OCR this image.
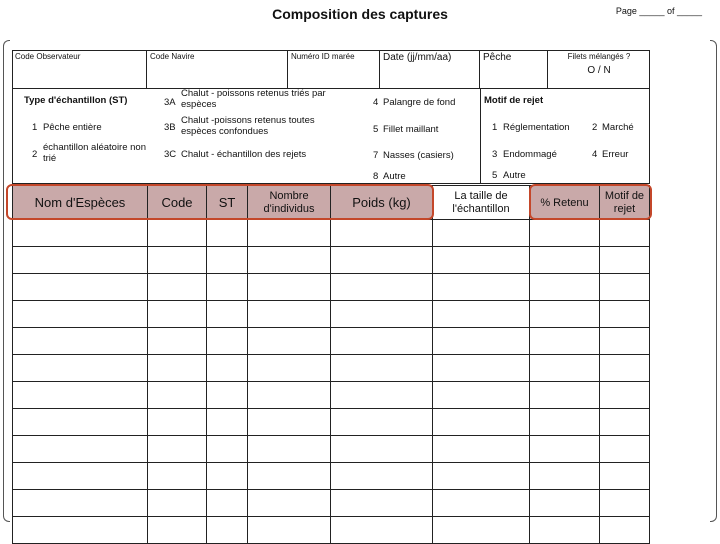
Composition des captures	Page _____ of _____
Code Observateur	Code Navire	Numéro ID marée	Date (jj/mm/aa)	Pêche	Filets mélangés ?
O / N
Type d'échantillon (ST)
1 Pêche entière
2
échantillon aléatoire non trié
3A
Chalut - poissons retenus triés par espèces
3B
Chalut -poissons retenus toutes espèces confondues
3C Chalut - échantillon des rejets
4 Palangre de fond
5 Fillet maillant
7 Nasses (casiers)
8 Autre
Motif de rejet
1 Réglementation 2 Marché
3 Endommagé	4 Erreur
5 Autre
Nom d'Espèces	Code	ST	Nombre d'individus	Poids (kg)	La taille de l'échantillon	% Retenu	Motif de rejet
